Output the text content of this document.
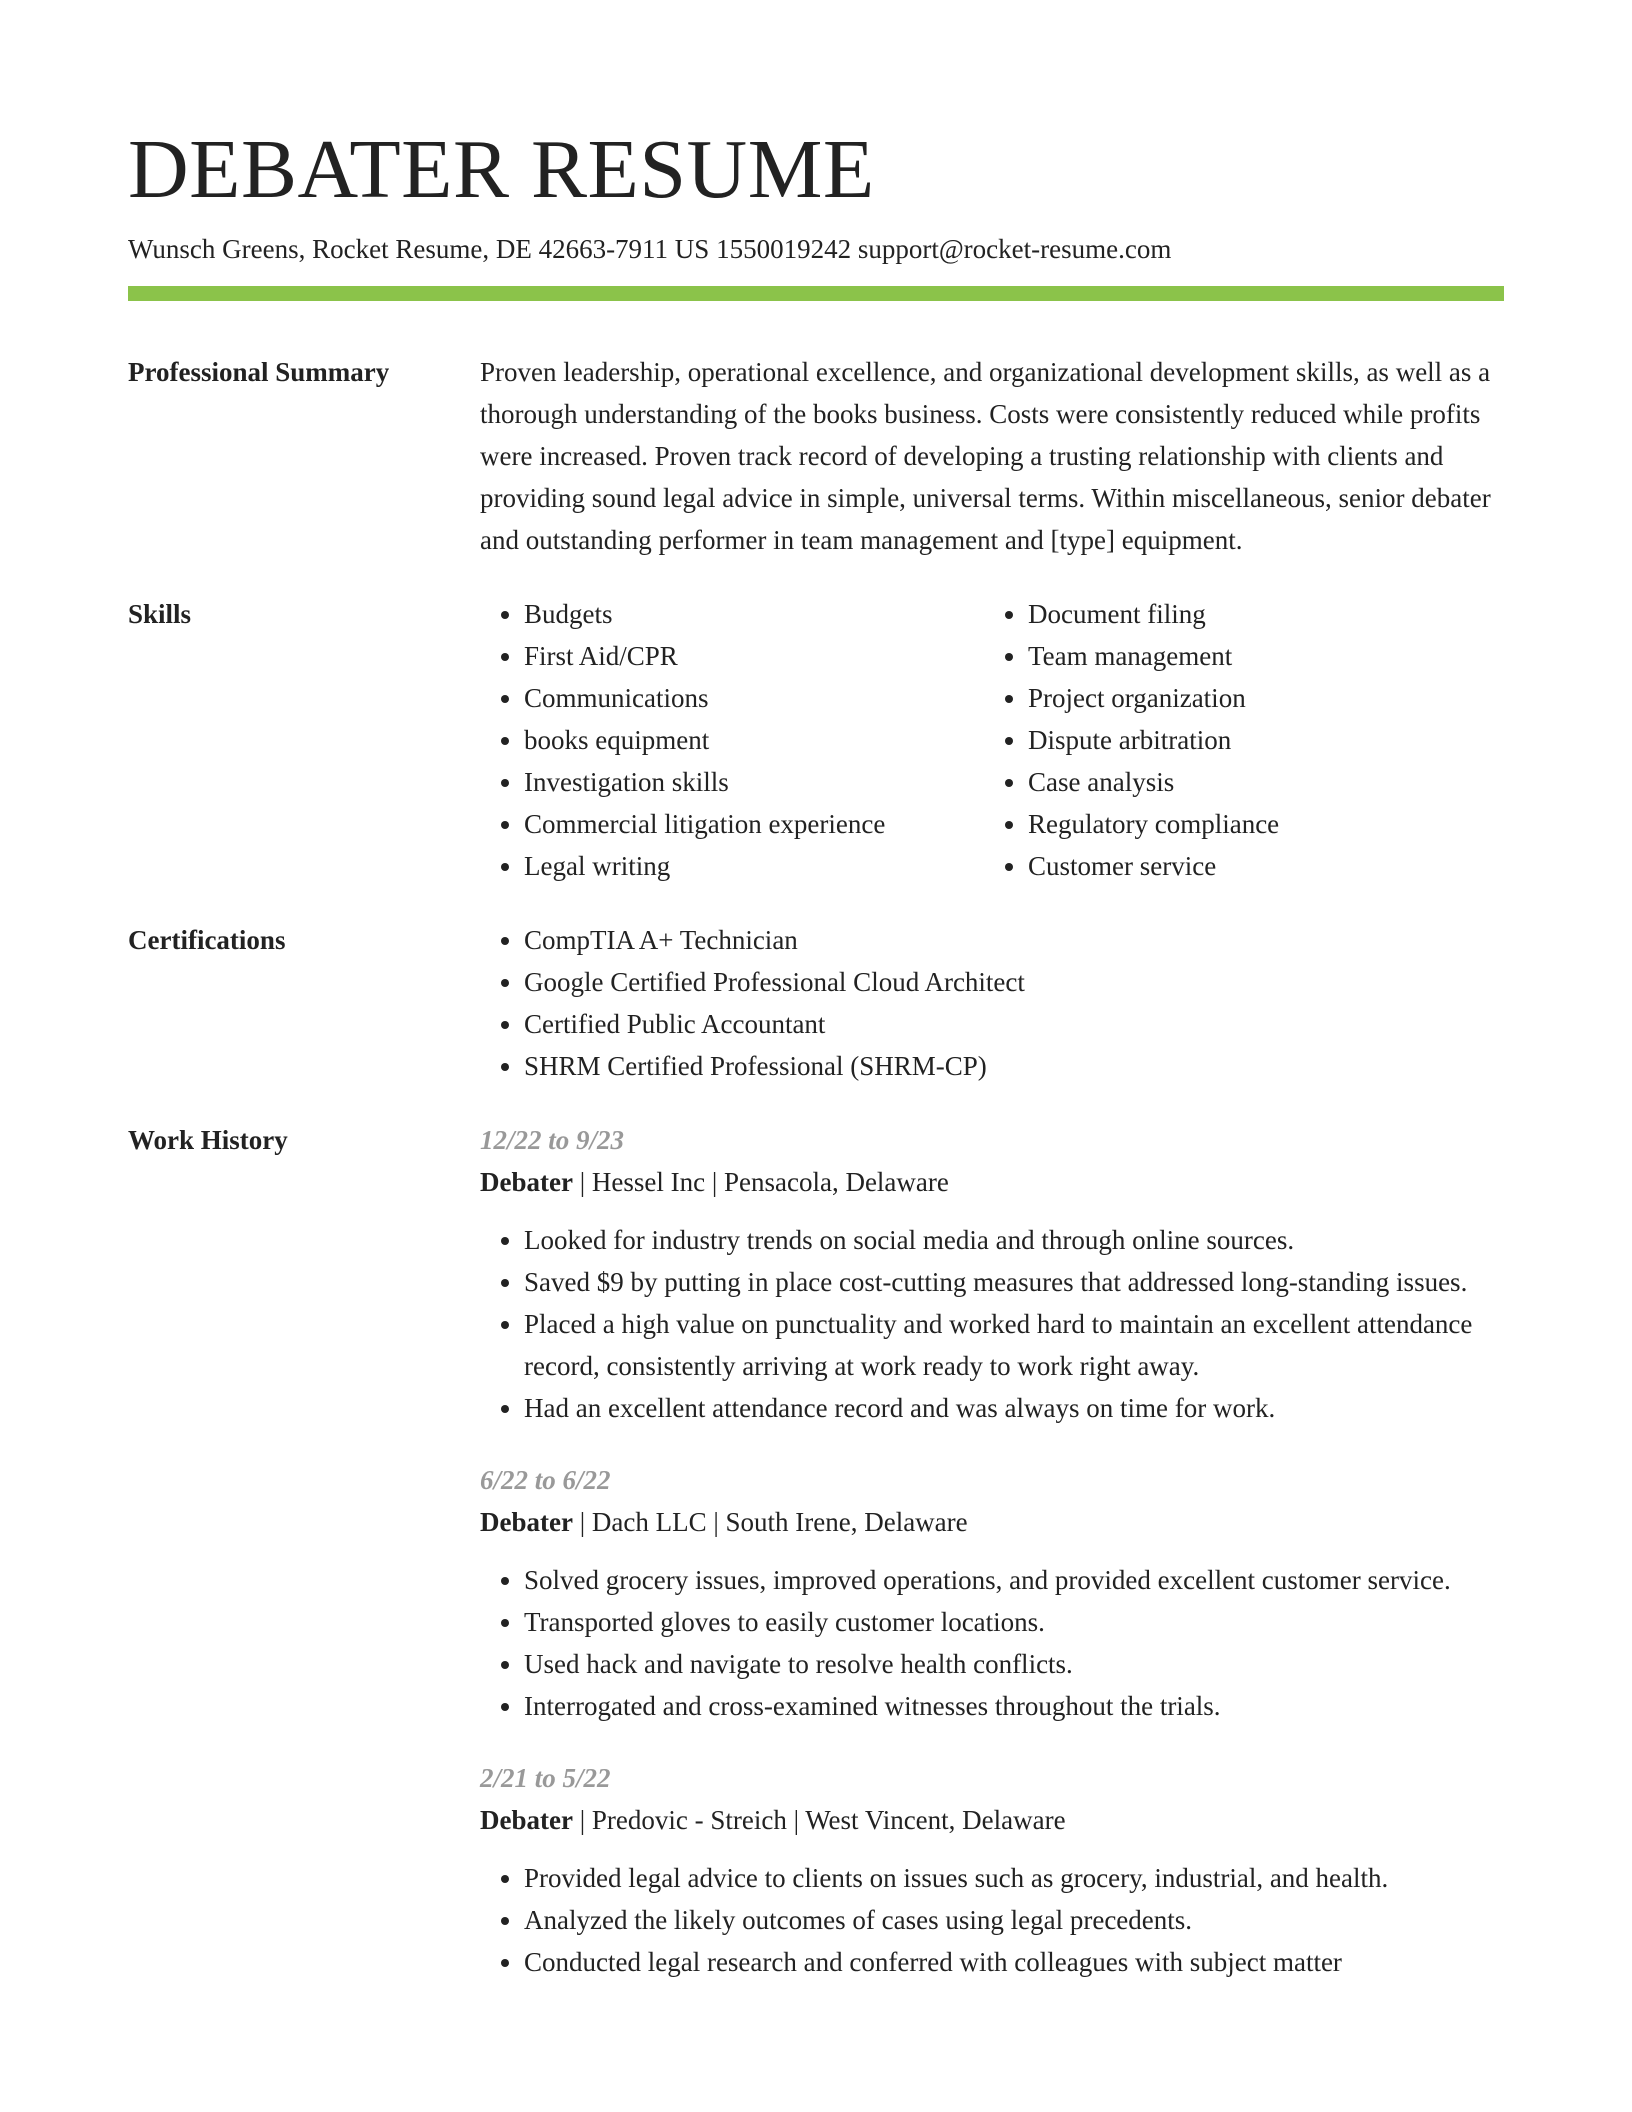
DEBATER RESUME
Wunsch Greens, Rocket Resume, DE 42663-7911 US 1550019242 support@rocket-resume.com
Professional Summary	Proven leadership, operational excellence, and organizational development skills, as well as a thorough understanding of the books business. Costs were consistently reduced while profits were increased. Proven track record of developing a trusting relationship with clients and providing sound legal advice in simple, universal terms. Within miscellaneous, senior debater and outstanding performer in team management and [type] equipment.

Skills	• Budgets
• First Aid/CPR
• Communications
• books equipment
• Investigation skills
• Commercial litigation experience
• Legal writing
• Document filing
• Team management
• Project organization
• Dispute arbitration
• Case analysis
• Regulatory compliance
• Customer service
Certifications	• CompTIA A+ Technician
• Google Certified Professional Cloud Architect
• Certified Public Accountant
• SHRM Certified Professional (SHRM-CP)
Work History	12/22 to 9/23
Debater | Hessel Inc | Pensacola, Delaware
• Looked for industry trends on social media and through online sources.
• Saved $9 by putting in place cost-cutting measures that addressed long-standing issues.
• Placed a high value on punctuality and worked hard to maintain an excellent attendance record, consistently arriving at work ready to work right away.
• Had an excellent attendance record and was always on time for work.
6/22 to 6/22
Debater | Dach LLC | South Irene, Delaware
• Solved grocery issues, improved operations, and provided excellent customer service.
• Transported gloves to easily customer locations.
• Used hack and navigate to resolve health conflicts.
• Interrogated and cross-examined witnesses throughout the trials.
2/21 to 5/22
Debater | Predovic - Streich | West Vincent, Delaware
• Provided legal advice to clients on issues such as grocery, industrial, and health.
• Analyzed the likely outcomes of cases using legal precedents.
• Conducted legal research and conferred with colleagues with subject matter
